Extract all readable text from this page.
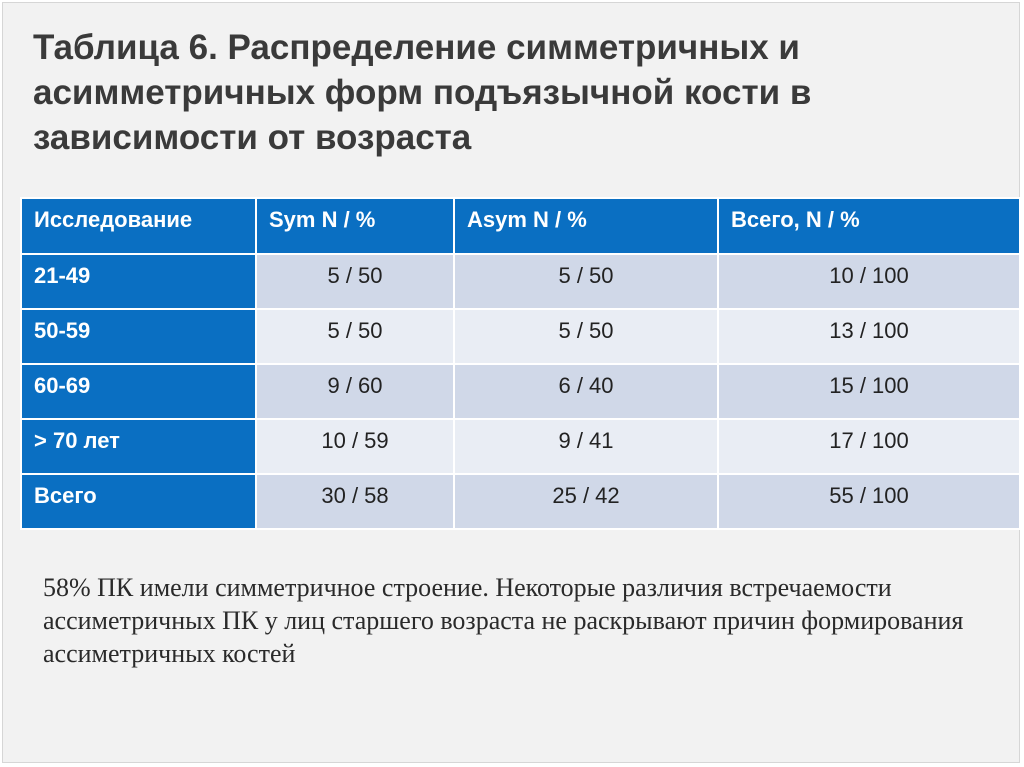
Таблица 6. Распределение симметричных и асимметричных форм подъязычной кости в зависимости от возраста
Исследование	Sym N / %	Asym N / %	Всего, N / %
21-49	5 / 50	5 / 50	10 / 100
50-59	5 / 50	5 / 50	13 / 100
60-69	9 / 60	6 / 40	15 / 100
> 70 лет	10 / 59	9 / 41	17 / 100
Всего	30 / 58	25 / 42	55 / 100

58% ПК имели симметричное строение. Некоторые различия встречаемости ассиметричных ПК у лиц старшего возраста не раскрывают причин формирования ассиметричных костей
